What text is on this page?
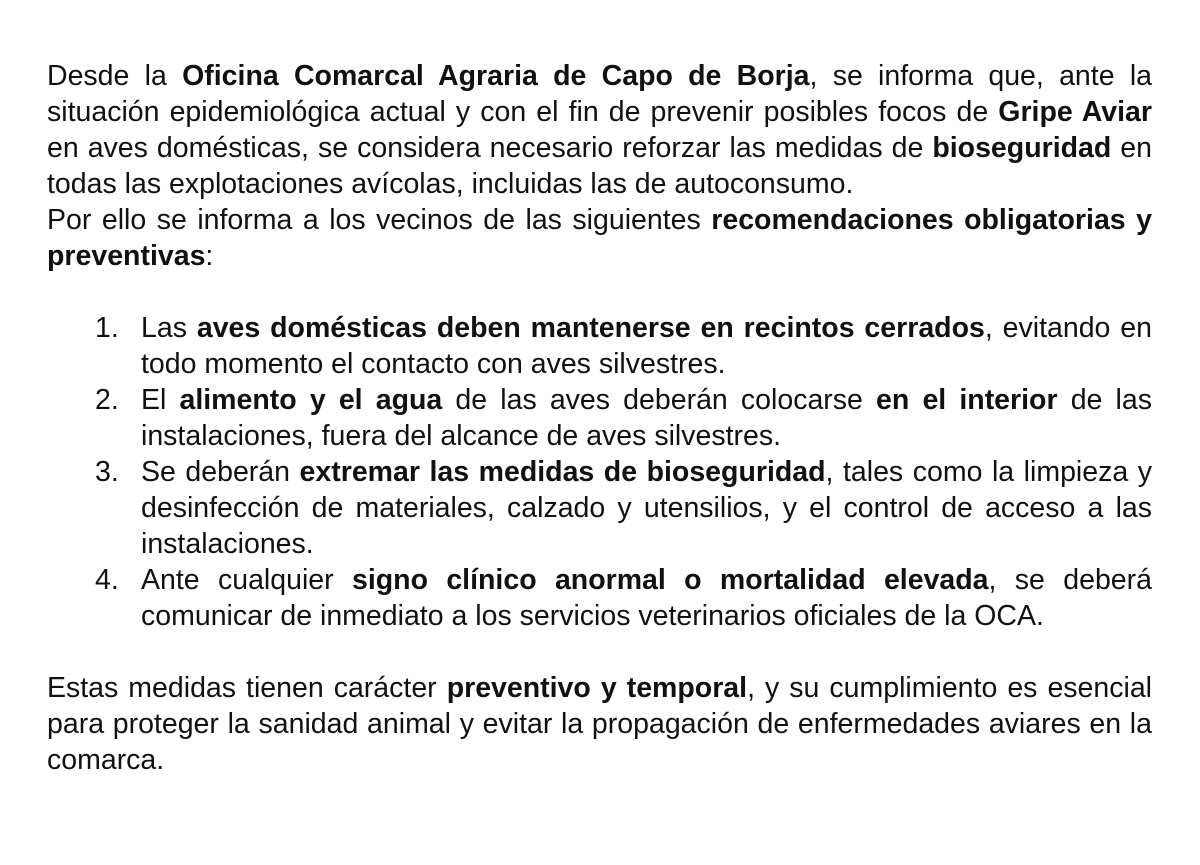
Desde la Oficina Comarcal Agraria de Capo de Borja, se informa que, ante la situación epidemiológica actual y con el fin de prevenir posibles focos de Gripe Aviar en aves domésticas, se considera necesario reforzar las medidas de bioseguridad en todas las explotaciones avícolas, incluidas las de autoconsumo.

Por ello se informa a los vecinos de las siguientes recomendaciones obligatorias y preventivas:

1. Las aves domésticas deben mantenerse en recintos cerrados, evitando en todo momento el contacto con aves silvestres.
2. El alimento y el agua de las aves deberán colocarse en el interior de las instalaciones, fuera del alcance de aves silvestres.
3. Se deberán extremar las medidas de bioseguridad, tales como la limpieza y desinfección de materiales, calzado y utensilios, y el control de acceso a las instalaciones.
4. Ante cualquier signo clínico anormal o mortalidad elevada, se deberá comunicar de inmediato a los servicios veterinarios oficiales de la OCA.

Estas medidas tienen carácter preventivo y temporal, y su cumplimiento es esencial para proteger la sanidad animal y evitar la propagación de enfermedades aviares en la comarca.
